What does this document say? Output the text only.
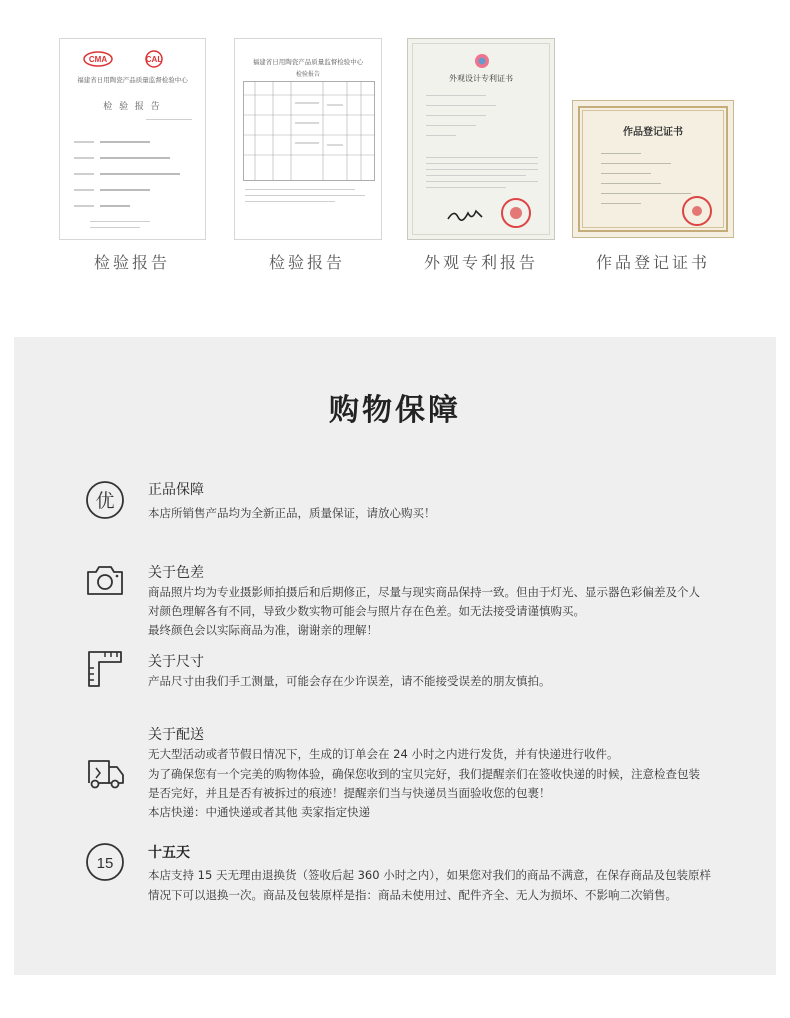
CMA	CAL
福建省日用陶瓷产品质量监督检验中心
检 验 报 告
检验报告
福建省日用陶瓷产品质量监督检验中心
检验报告
检验报告
外观设计专利证书
外观专利报告
作品登记证书
作品登记证书
购物保障
优 正品保障
本店所销售产品均为全新正品，质量保证，请放心购买！
关于色差
商品照片均为专业摄影师拍摄后和后期修正，尽量与现实商品保持一致。但由于灯光、显示器色彩偏差及个人
对颜色理解各有不同，导致少数实物可能会与照片存在色差。如无法接受请谨慎购买。
最终颜色会以实际商品为准，谢谢亲的理解！
关于尺寸
产品尺寸由我们手工测量，可能会存在少许误差，请不能接受误差的朋友慎拍。
关于配送
无大型活动或者节假日情况下，生成的订单会在 24 小时之内进行发货，并有快递进行收件。
为了确保您有一个完美的购物体验，确保您收到的宝贝完好，我们提醒亲们在签收快递的时候，注意检查包装
是否完好，并且是否有被拆过的痕迹！提醒亲们当与快递员当面验收您的包裹！
本店快递：中通快递或者其他 卖家指定快递
15
十五天
本店支持 15 天无理由退换货（签收后起 360 小时之内），如果您对我们的商品不满意，在保存商品及包装原样
情况下可以退换一次。商品及包装原样是指：商品未使用过、配件齐全、无人为损坏、不影响二次销售。
